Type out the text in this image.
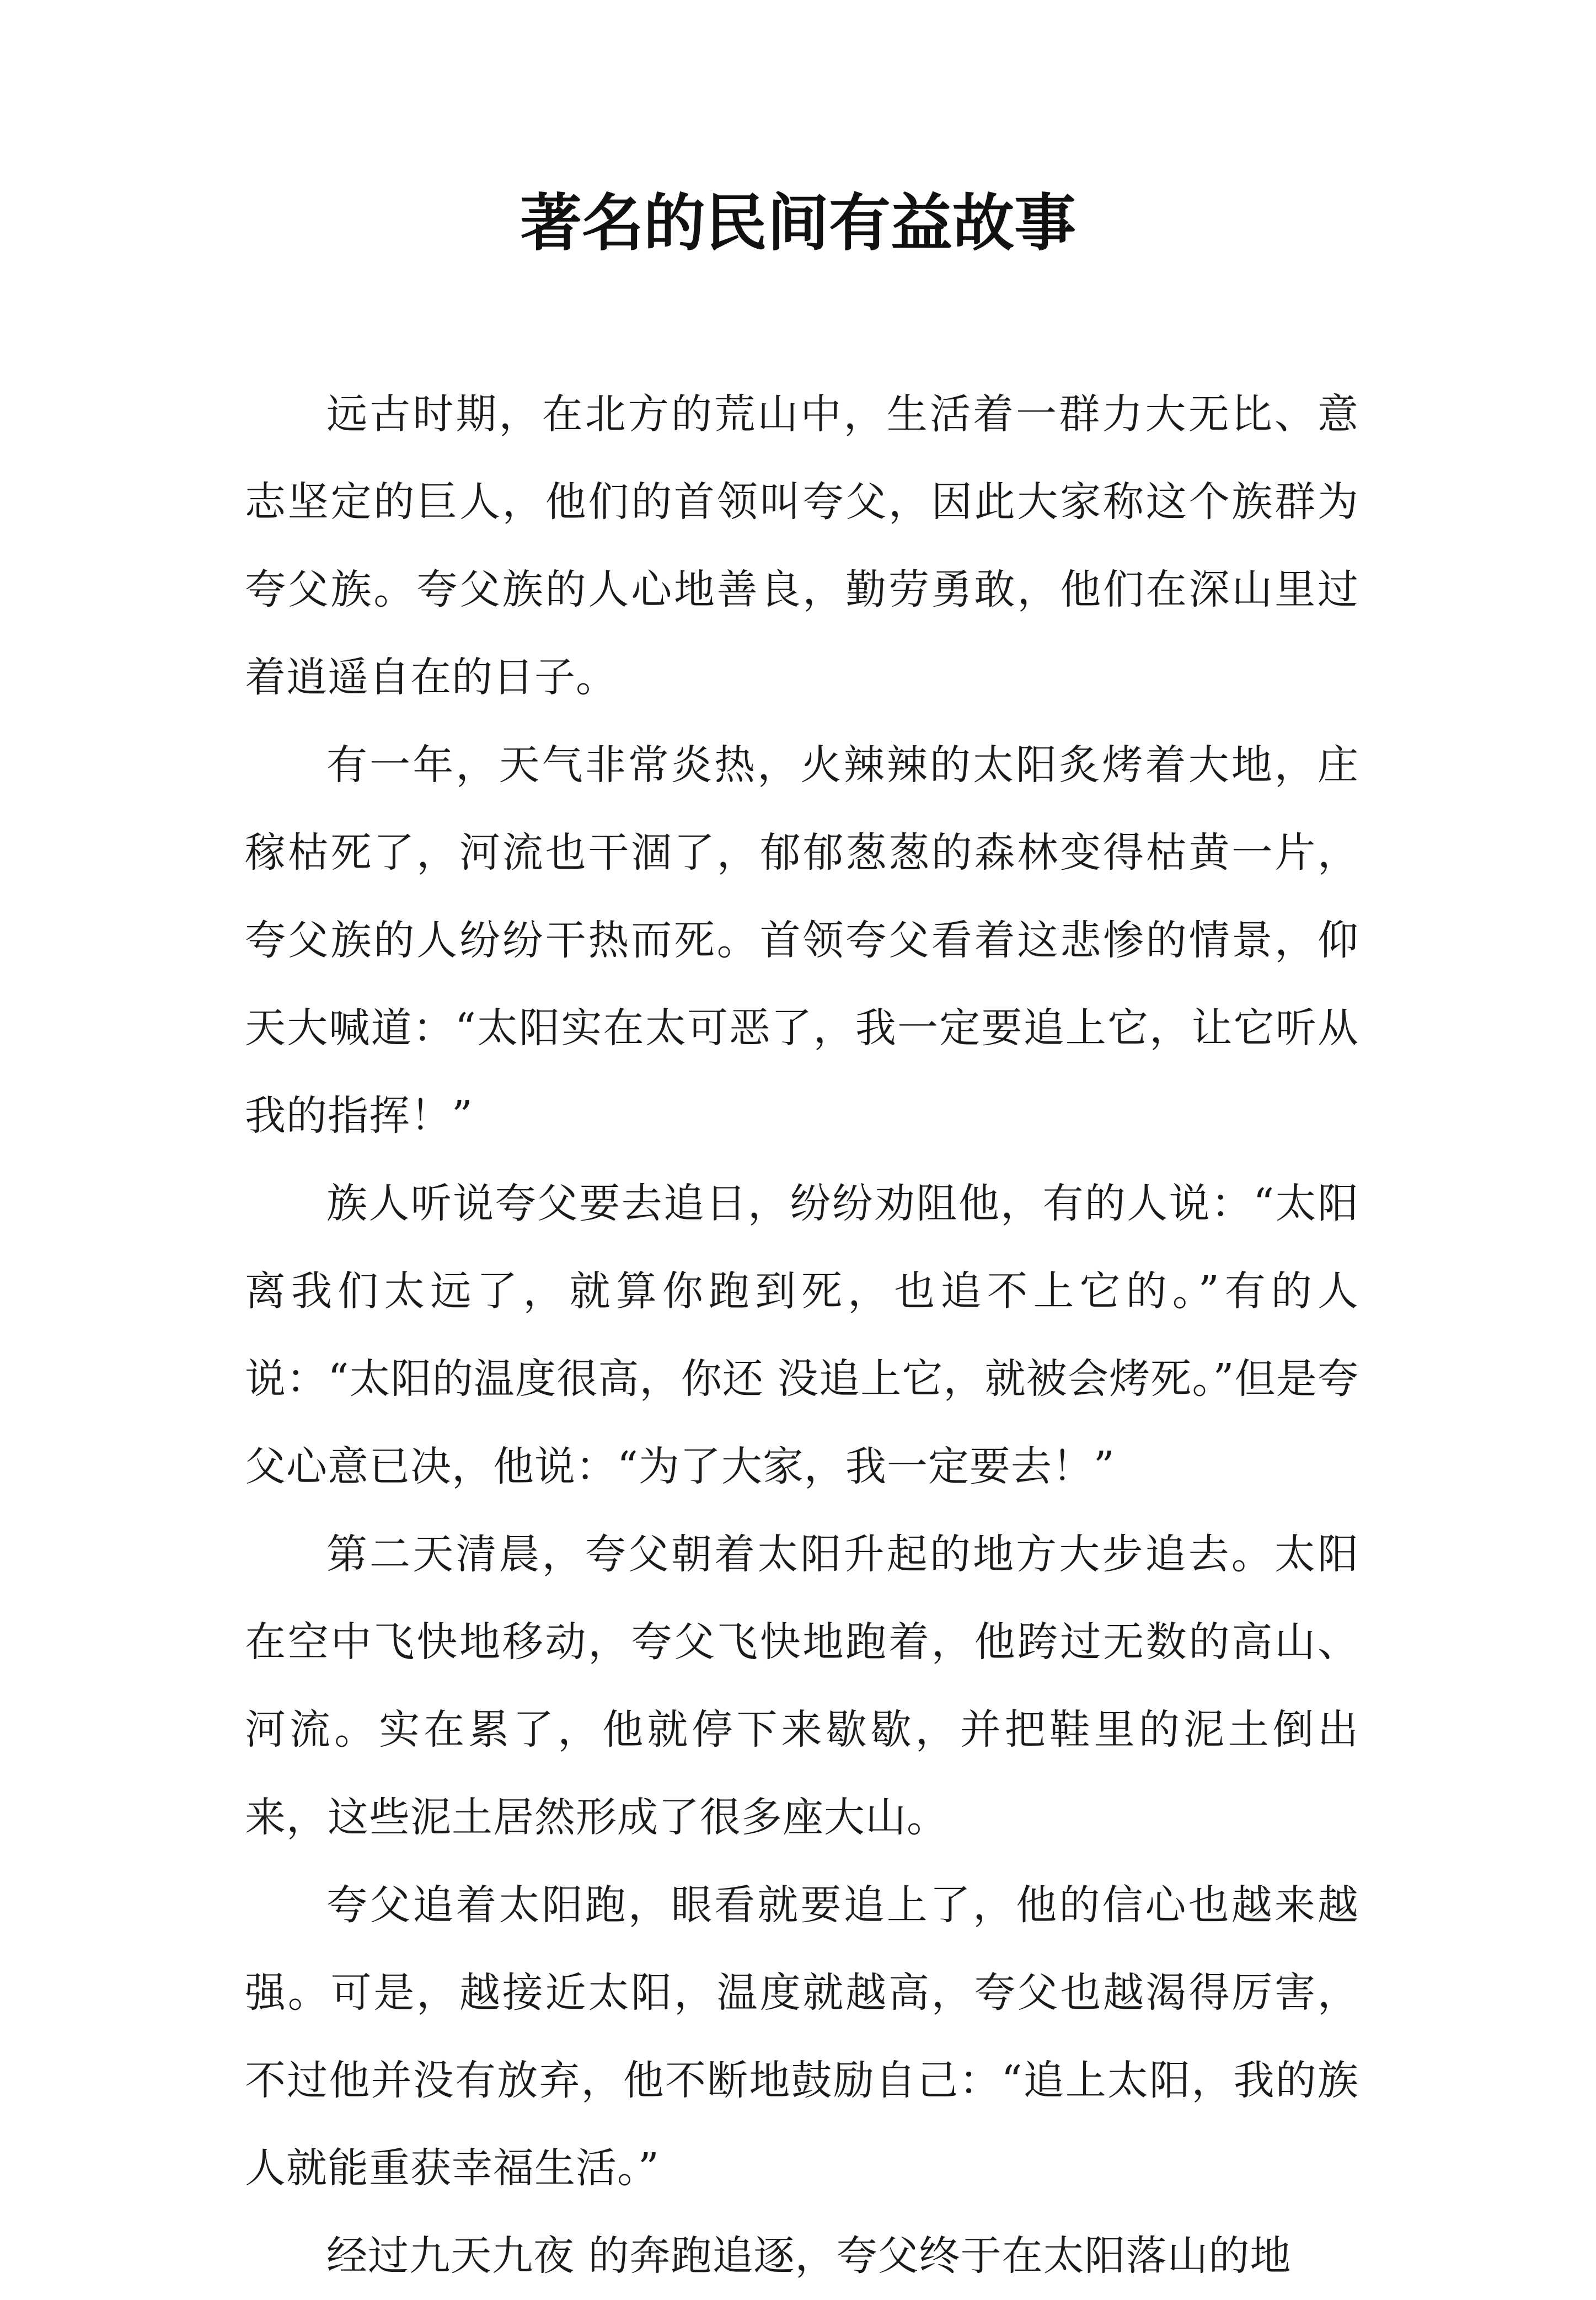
著名的民间有益故事

远古时期，在北方的荒山中，生活着一群力大无比、意志坚定的巨人，他们的首领叫夸父，因此大家称这个族群为夸父族。夸父族的人心地善良，勤劳勇敢，他们在深山里过着逍遥自在的日子。

有一年，天气非常炎热，火辣辣的太阳炙烤着大地，庄稼枯死了，河流也干涸了，郁郁葱葱的森林变得枯黄一片，夸父族的人纷纷干热而死。首领夸父看着这悲惨的情景，仰天大喊道：“太阳实在太可恶了，我一定要追上它，让它听从我的指挥！”

族人听说夸父要去追日，纷纷劝阻他，有的人说：“太阳离我们太远了，就算你跑到死，也追不上它的。”有的人说：“太阳的温度很高，你还 没追上它，就被会烤死。”但是夸父心意已决，他说：“为了大家，我一定要去！”

第二天清晨，夸父朝着太阳升起的地方大步追去。太阳在空中飞快地移动，夸父飞快地跑着，他跨过无数的高山、河流。实在累了，他就停下来歇歇，并把鞋里的泥土倒出来，这些泥土居然形成了很多座大山。

夸父追着太阳跑，眼看就要追上了，他的信心也越来越强。可是，越接近太阳，温度就越高，夸父也越渴得厉害，不过他并没有放弃，他不断地鼓励自己：“追上太阳，我的族人就能重获幸福生活。”

经过九天九夜 的奔跑追逐，夸父终于在太阳落山的地
